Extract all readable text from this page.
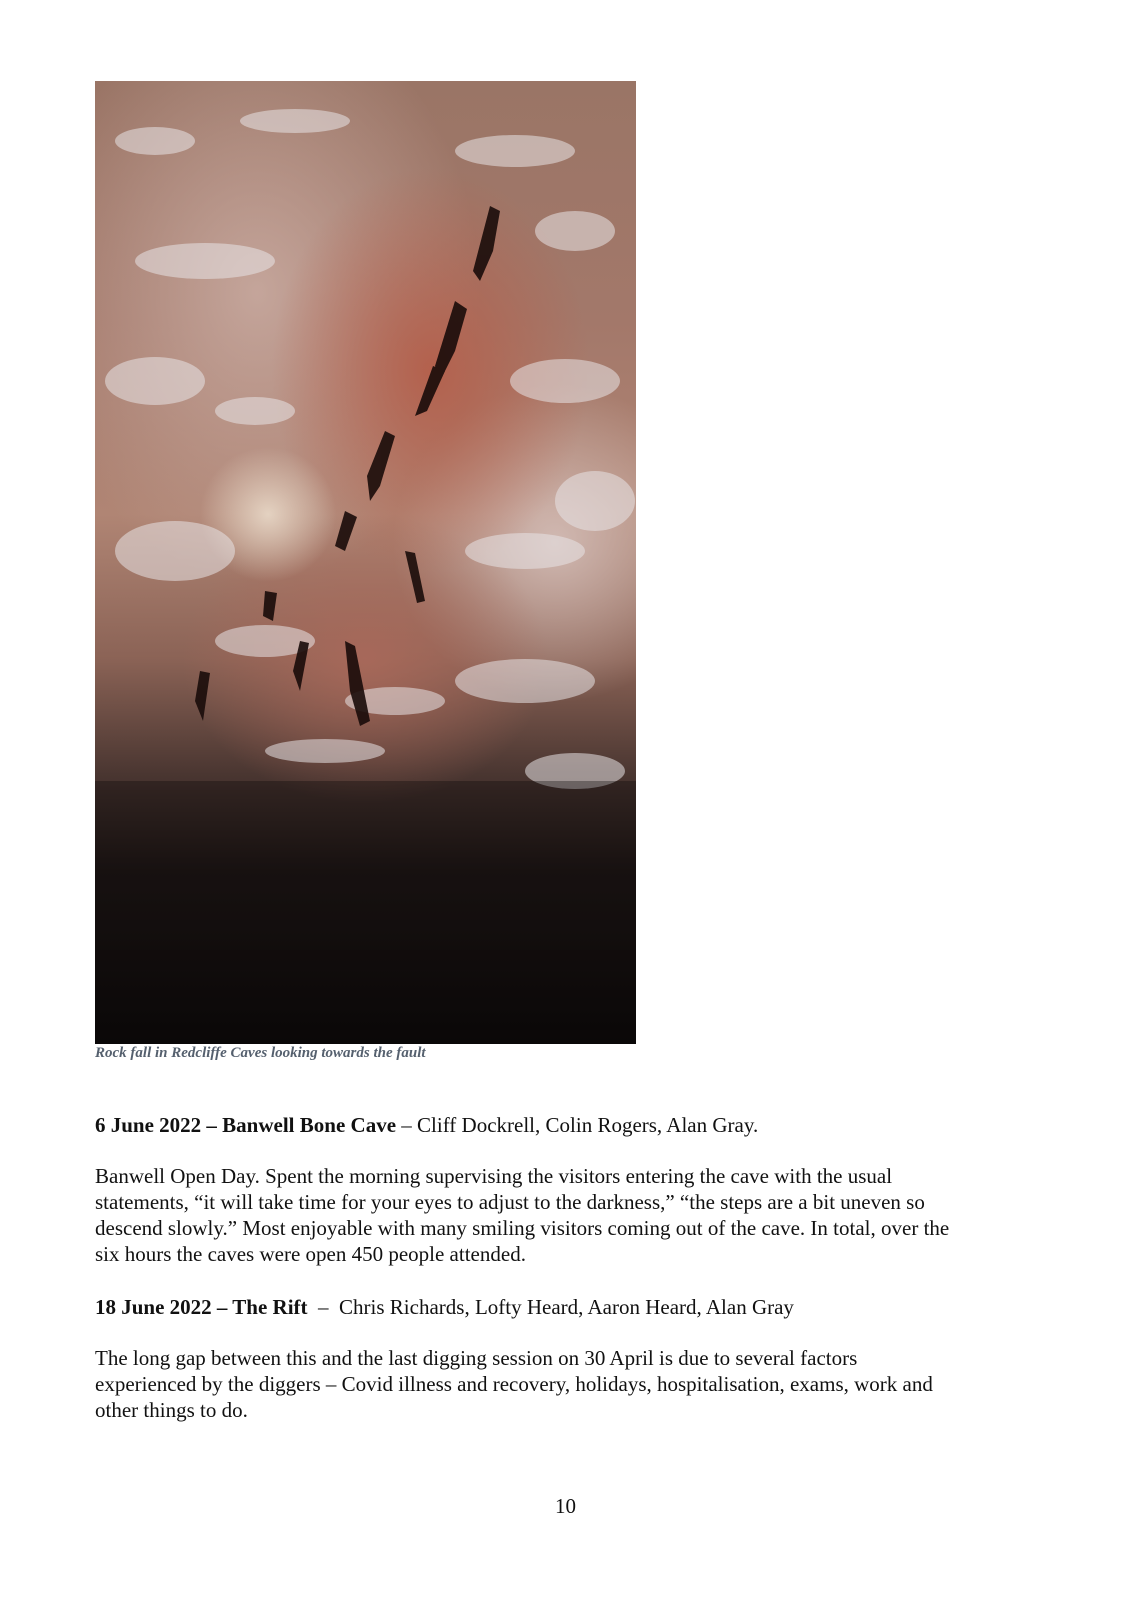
Rock fall in Redcliffe Caves looking towards the fault

6 June 2022 – Banwell Bone Cave – Cliff Dockrell, Colin Rogers, Alan Gray.

Banwell Open Day. Spent the morning supervising the visitors entering the cave with the usual
statements, “it will take time for your eyes to adjust to the darkness,” “the steps are a bit uneven so
descend slowly.” Most enjoyable with many smiling visitors coming out of the cave. In total, over the
six hours the caves were open 450 people attended.

18 June 2022 – The Rift  –  Chris Richards, Lofty Heard, Aaron Heard, Alan Gray

The long gap between this and the last digging session on 30 April is due to several factors
experienced by the diggers – Covid illness and recovery, holidays, hospitalisation, exams, work and
other things to do.

10
